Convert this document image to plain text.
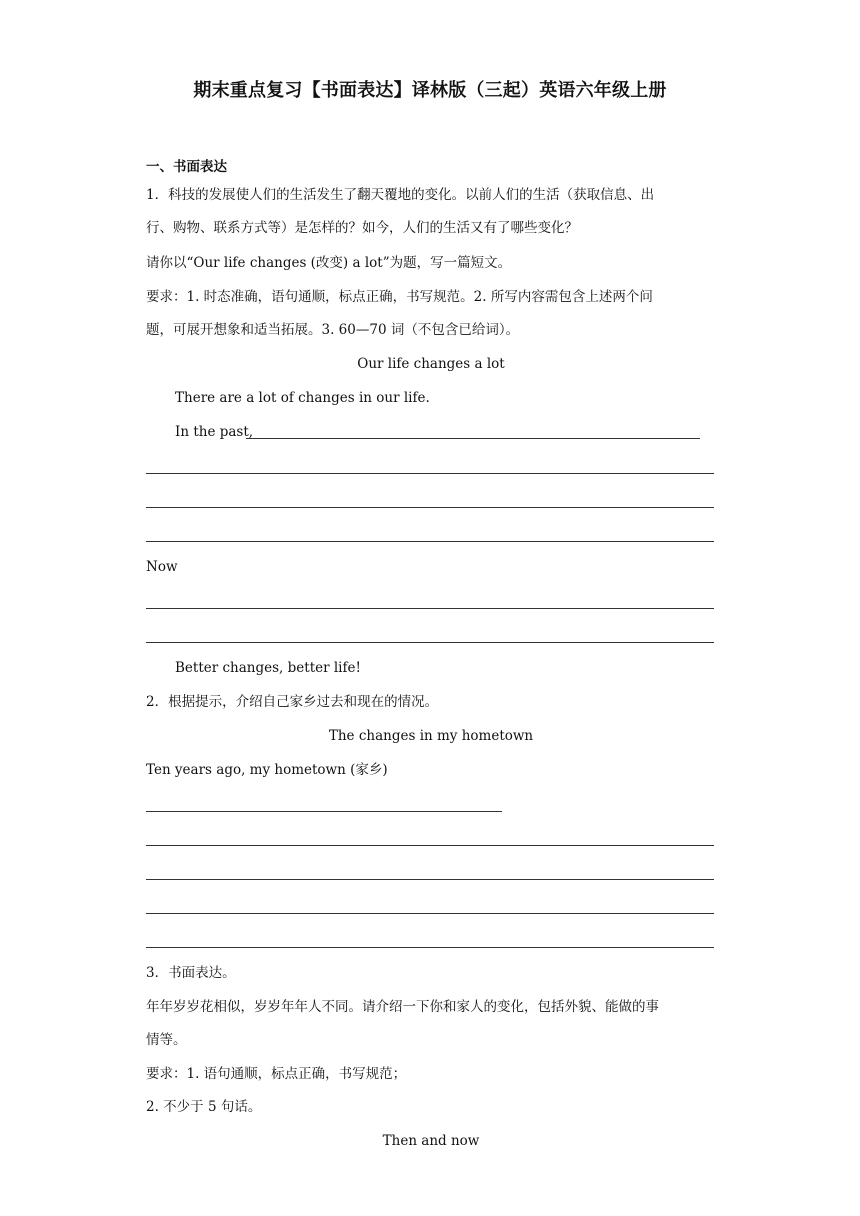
期末重点复习【书面表达】译林版（三起）英语六年级上册
一、书面表达
1．科技的发展使人们的生活发生了翻天覆地的变化。以前人们的生活（获取信息、出
行、购物、联系方式等）是怎样的？如今，人们的生活又有了哪些变化？
请你以“Our life changes (改变) a lot”为题，写一篇短文。
要求：1. 时态准确，语句通顺，标点正确，书写规范。2. 所写内容需包含上述两个问
题，可展开想象和适当拓展。3. 60—70 词（不包含已给词）。
Our life changes a lot
There are a lot of changes in our life.
In the past,
Now
Better changes, better life!
2．根据提示，介绍自己家乡过去和现在的情况。
The changes in my hometown
Ten years ago, my hometown (家乡)
3．书面表达。
年年岁岁花相似，岁岁年年人不同。请介绍一下你和家人的变化，包括外貌、能做的事
情等。
要求：1. 语句通顺，标点正确，书写规范；
2. 不少于 5 句话。
Then and now
